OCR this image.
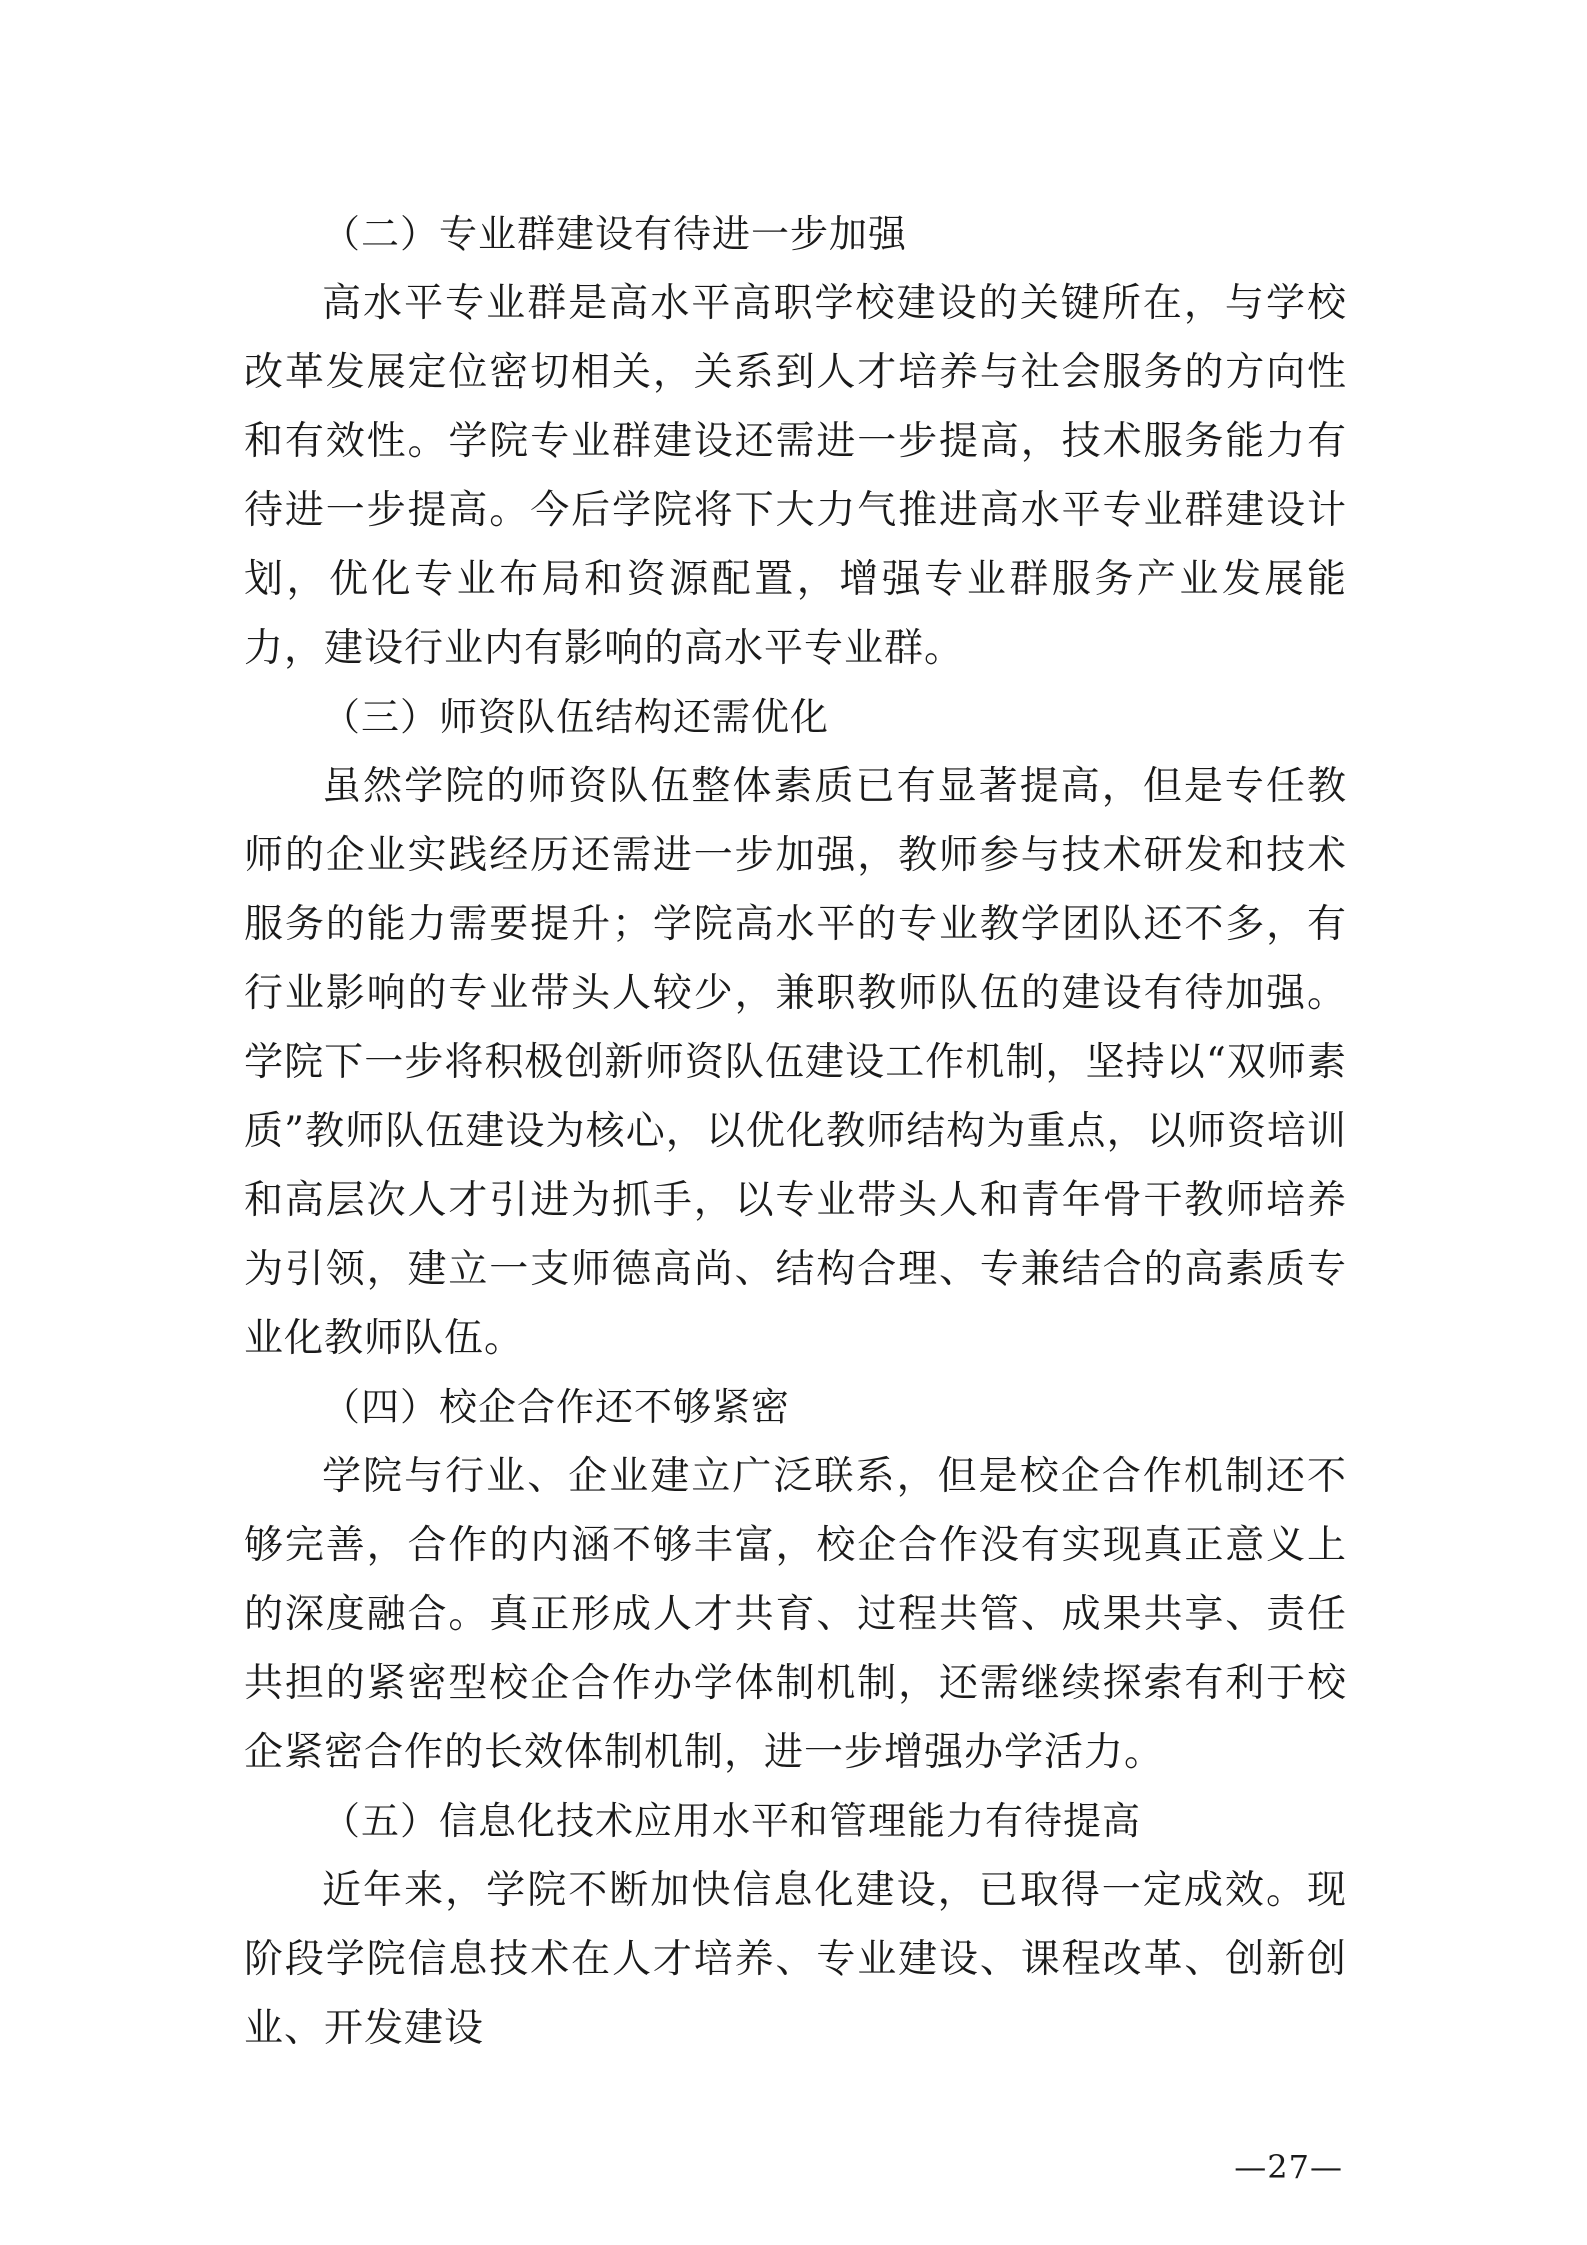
（二）专业群建设有待进一步加强

高水平专业群是高水平高职学校建设的关键所在，与学校改革发展定位密切相关，关系到人才培养与社会服务的方向性和有效性。学院专业群建设还需进一步提高，技术服务能力有待进一步提高。今后学院将下大力气推进高水平专业群建设计划，优化专业布局和资源配置，增强专业群服务产业发展能力，建设行业内有影响的高水平专业群。

（三）师资队伍结构还需优化

虽然学院的师资队伍整体素质已有显著提高，但是专任教师的企业实践经历还需进一步加强，教师参与技术研发和技术服务的能力需要提升；学院高水平的专业教学团队还不多，有行业影响的专业带头人较少，兼职教师队伍的建设有待加强。学院下一步将积极创新师资队伍建设工作机制，坚持以“双师素质”教师队伍建设为核心，以优化教师结构为重点，以师资培训和高层次人才引进为抓手，以专业带头人和青年骨干教师培养为引领，建立一支师德高尚、结构合理、专兼结合的高素质专业化教师队伍。

（四）校企合作还不够紧密

学院与行业、企业建立广泛联系，但是校企合作机制还不够完善，合作的内涵不够丰富，校企合作没有实现真正意义上的深度融合。真正形成人才共育、过程共管、成果共享、责任共担的紧密型校企合作办学体制机制，还需继续探索有利于校企紧密合作的长效体制机制，进一步增强办学活力。

（五）信息化技术应用水平和管理能力有待提高

近年来，学院不断加快信息化建设，已取得一定成效。现阶段学院信息技术在人才培养、专业建设、课程改革、创新创业、开发建设

—27—
